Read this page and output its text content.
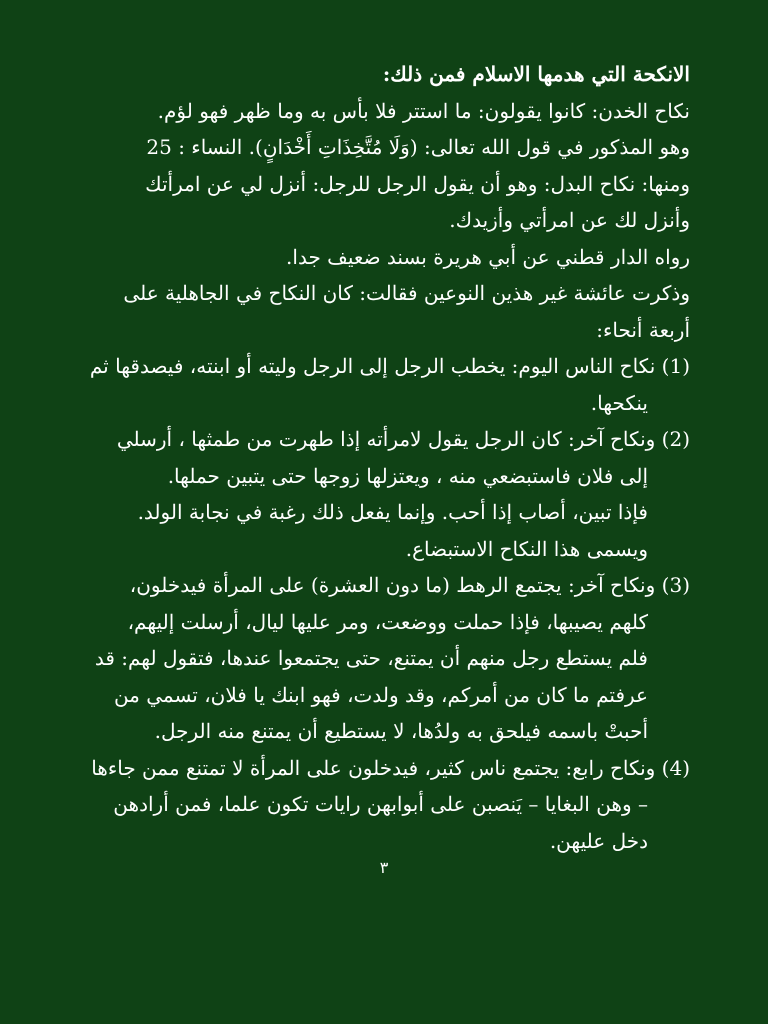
الانكحة التي هدمها الاسلام فمن ذلك:
نكاح الخدن: كانوا يقولون: ما استتر فلا بأس به وما ظهر فهو لؤم.
وهو المذكور في قول الله تعالى: (وَلَا مُتَّخِذَاتِ أَخْدَانٍ). النساء : 25
ومنها: نكاح البدل: وهو أن يقول الرجل للرجل: أنزل لي عن امرأتك
وأنزل لك عن امرأتي وأزيدك.
رواه الدار قطني عن أبي هريرة بسند ضعيف جدا.
وذكرت عائشة غير هذين النوعين فقالت: كان النكاح في الجاهلية على
أربعة أنحاء:
(1) نكاح الناس اليوم: يخطب الرجل إلى الرجل وليته أو ابنته، فيصدقها ثم
ينكحها.
(2) ونكاح آخر: كان الرجل يقول لامرأته إذا طهرت من طمثها ، أرسلي
إلى فلان فاستبضعي منه ، ويعتزلها زوجها حتى يتبين حملها.
فإذا تبين، أصاب إذا أحب. وإنما يفعل ذلك رغبة في نجابة الولد.
ويسمى هذا النكاح الاستبضاع.
(3) ونكاح آخر: يجتمع الرهط (ما دون العشرة) على المرأة فيدخلون،
كلهم يصيبها، فإذا حملت ووضعت، ومر عليها ليال، أرسلت إليهم،
فلم يستطع رجل منهم أن يمتنع، حتى يجتمعوا عندها، فتقول لهم: قد
عرفتم ما كان من أمركم، وقد ولدت، فهو ابنك يا فلان، تسمي من
أحبتْ باسمه فيلحق به ولدُها، لا يستطيع أن يمتنع منه الرجل.
(4) ونكاح رابع: يجتمع ناس كثير، فيدخلون على المرأة لا تمتنع ممن جاءها
– وهن البغايا – يَنصبن على أبوابهن رايات تكون علما، فمن أرادهن
دخل عليهن.
٣
